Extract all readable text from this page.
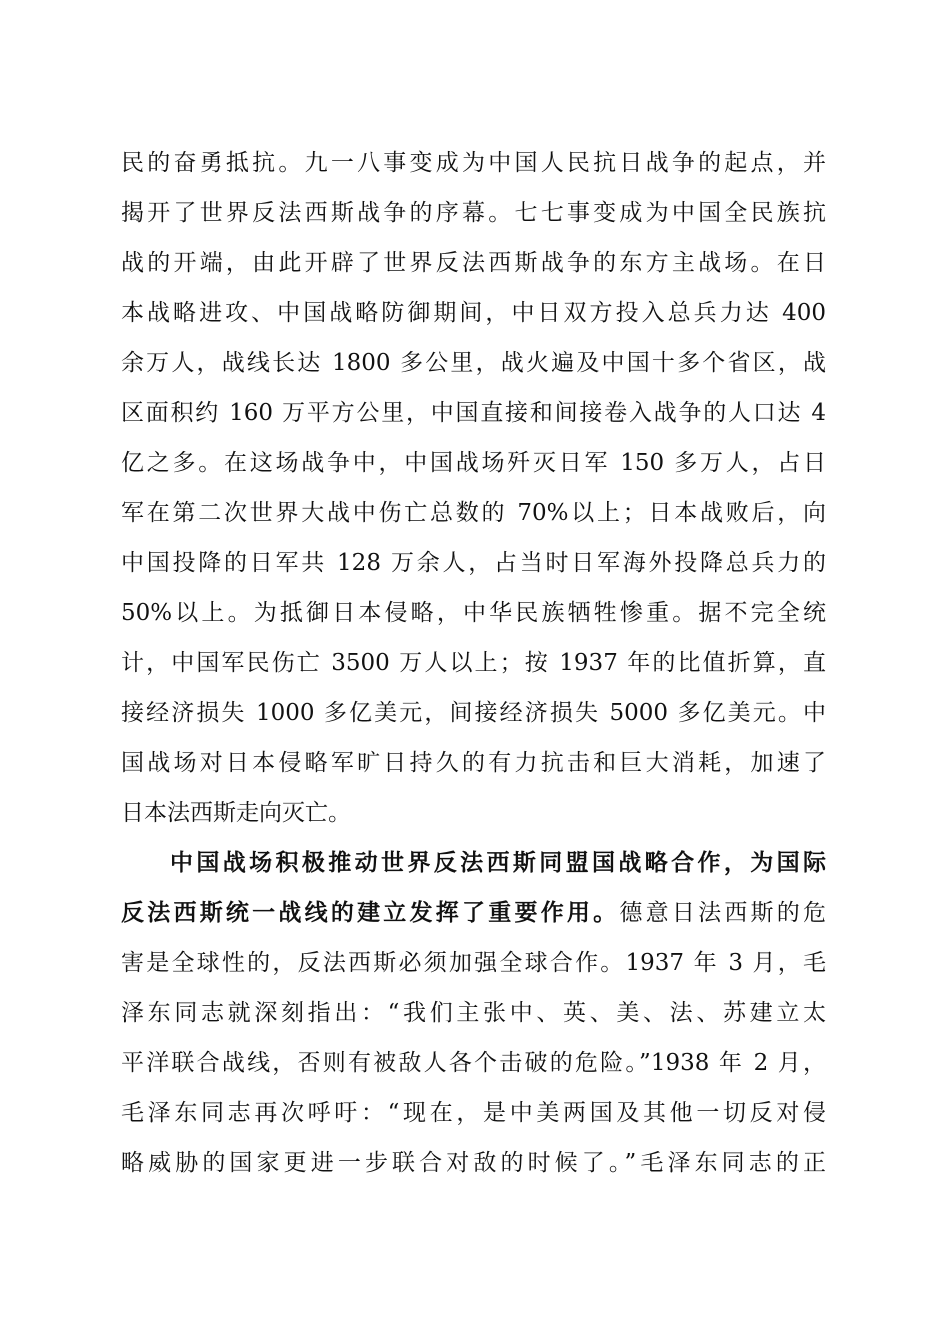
民的奋勇抵抗。九一八事变成为中国人民抗日战争的起点，并
揭开了世界反法西斯战争的序幕。七七事变成为中国全民族抗
战的开端，由此开辟了世界反法西斯战争的东方主战场。在日
本战略进攻、中国战略防御期间，中日双方投入总兵力达 400
余万人，战线长达 1800 多公里，战火遍及中国十多个省区，战
区面积约 160 万平方公里，中国直接和间接卷入战争的人口达 4
亿之多。在这场战争中，中国战场歼灭日军 150 多万人，占日
军在第二次世界大战中伤亡总数的 70%以上；日本战败后，向
中国投降的日军共 128 万余人，占当时日军海外投降总兵力的
50%以上。为抵御日本侵略，中华民族牺牲惨重。据不完全统
计，中国军民伤亡 3500 万人以上；按 1937 年的比值折算，直
接经济损失 1000 多亿美元，间接经济损失 5000 多亿美元。中
国战场对日本侵略军旷日持久的有力抗击和巨大消耗，加速了
日本法西斯走向灭亡。
中国战场积极推动世界反法西斯同盟国战略合作，为国际
反法西斯统一战线的建立发挥了重要作用。德意日法西斯的危
害是全球性的，反法西斯必须加强全球合作。1937 年 3 月，毛
泽东同志就深刻指出：“我们主张中、英、美、法、苏建立太
平洋联合战线，否则有被敌人各个击破的危险。”1938 年 2 月，
毛泽东同志再次呼吁：“现在，是中美两国及其他一切反对侵
略威胁的国家更进一步联合对敌的时候了。”毛泽东同志的正
